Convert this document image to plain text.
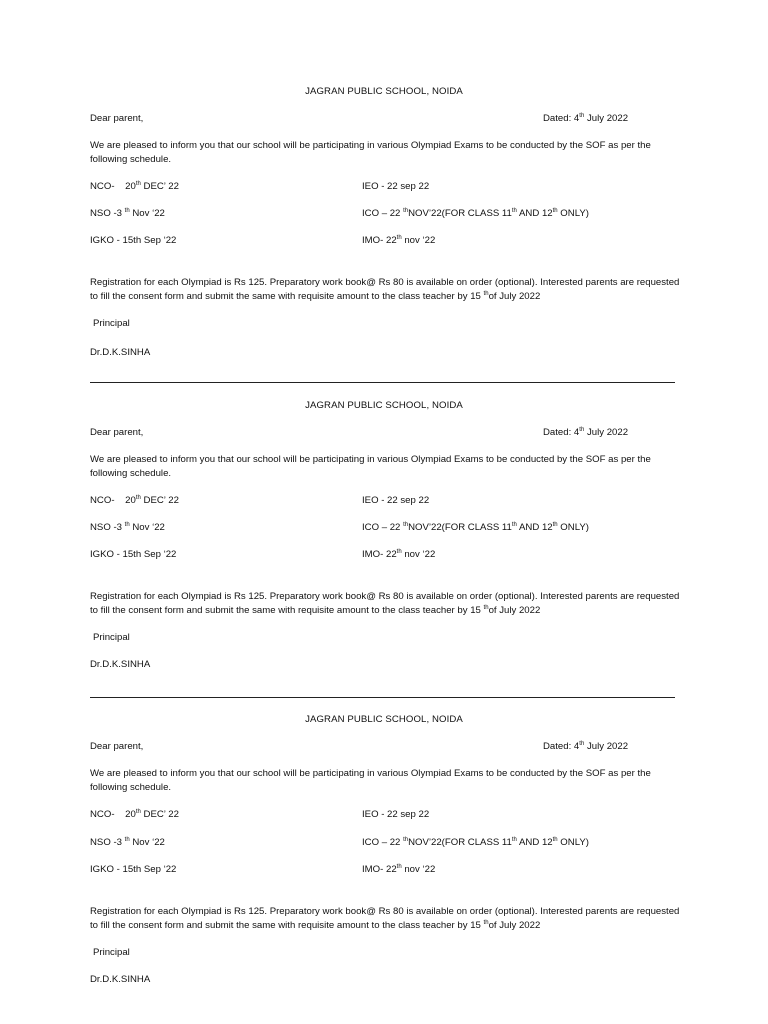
JAGRAN PUBLIC SCHOOL, NOIDA
Dear parent,	Dated: 4th July 2022
We are pleased to inform you that our school will be participating in various Olympiad Exams to be conducted by the SOF as per the following schedule.
NCO-    20th DEC’ 22	IEO - 22 sep 22
NSO -3 $^{th}$ Nov ‘22	ICO – 22 $^{th}$NOV’22(FOR CLASS 11th AND 12th ONLY)
IGKO - 15th Sep ‘22	IMO- 22th nov ‘22
Registration for each Olympiad is Rs 125. Preparatory work book@ Rs 80 is available on order (optional). Interested parents are requested to fill the consent form and submit the same with requisite amount to the class teacher by 15 $^{th}$of July 2022
Principal
Dr.D.K.SINHA
JAGRAN PUBLIC SCHOOL, NOIDA
Dear parent,	Dated: 4th July 2022
We are pleased to inform you that our school will be participating in various Olympiad Exams to be conducted by the SOF as per the following schedule.
NCO-    20th DEC’ 22	IEO - 22 sep 22
NSO -3 $^{th}$ Nov ‘22	ICO – 22 $^{th}$NOV’22(FOR CLASS 11th AND 12th ONLY)
IGKO - 15th Sep ‘22	IMO- 22th nov ‘22
Registration for each Olympiad is Rs 125. Preparatory work book@ Rs 80 is available on order (optional). Interested parents are requested to fill the consent form and submit the same with requisite amount to the class teacher by 15 $^{th}$of July 2022
Principal
Dr.D.K.SINHA
JAGRAN PUBLIC SCHOOL, NOIDA
Dear parent,	Dated: 4th July 2022
We are pleased to inform you that our school will be participating in various Olympiad Exams to be conducted by the SOF as per the following schedule.
NCO-    20th DEC’ 22	IEO - 22 sep 22
NSO -3 $^{th}$ Nov ‘22	ICO – 22 $^{th}$NOV’22(FOR CLASS 11th AND 12th ONLY)
IGKO - 15th Sep ‘22	IMO- 22th nov ‘22
Registration for each Olympiad is Rs 125. Preparatory work book@ Rs 80 is available on order (optional). Interested parents are requested to fill the consent form and submit the same with requisite amount to the class teacher by 15 $^{th}$of July 2022
Principal
Dr.D.K.SINHA
